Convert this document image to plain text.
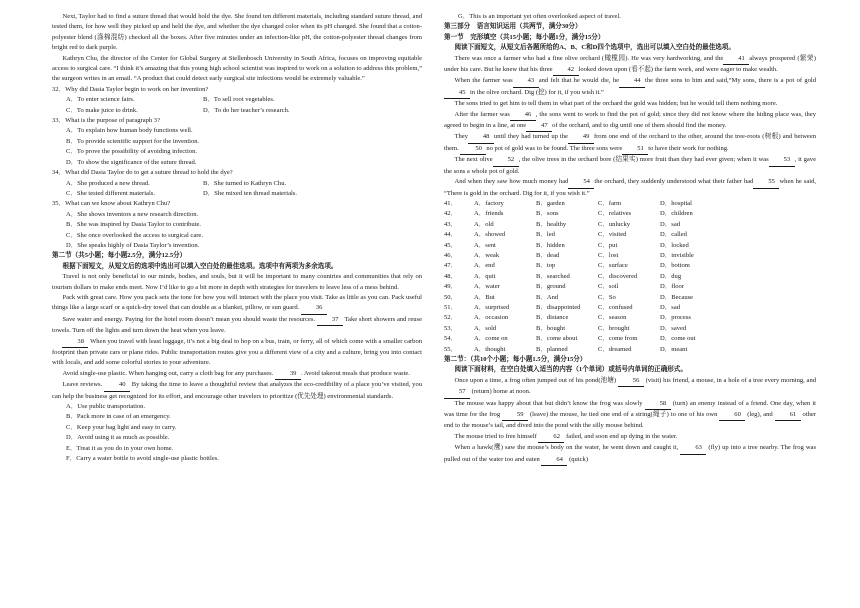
Next, Taylor had to find a suture thread that would hold the dye. She found ten different materials, including standard suture thread, and tested them, for how well they picked up and held the dye, and whether the dye changed color when its pH changed. She found that a cotton-polyester blend (涤棉混纺) checked all the boxes. After five minutes under an infection-like pH, the cotton-polyester thread changes from bright red to dark purple.

Kathryn Chu, the director of the Center for Global Surgery at Stellenbosch University in South Africa, focuses on improving equitable access to surgical care. “I think it’s amazing that this young high school scientist was inspired to work on a solution to address this problem,” the surgeon writes in an email. “A product that could detect early surgical site infections would be extremely valuable.”

32．Why did Dasia Taylor begin to work on her invention?

A．To enter science fairs.	B．To sell root vegetables.
C．To make juice to drink.	D．To do her teacher’s research.

33．What is the purpose of paragraph 3?

A．To explain how human body functions well.
B．To provide scientific support for the invention.
C．To prove the possibility of avoiding infection.
D．To show the significance of the suture thread.

34．What did Dasia Taylor do to get a suture thread to hold the dye?

A．She produced a new thread.	B．She turned to Kathryn Chu.
C．She tested different materials.	D．She mixed ten thread materials.

35．What can we know about Kathryn Chu?

A．She shows inventors a new research direction.
B．She was inspired by Dasia Taylor to contribute.
C．She once overlooked the access to surgical care.
D．She speaks highly of Dasia Taylor’s invention.

第二节（共5小题；每小题2.5分，满分12.5分）

根据下面短文，从短文后的选项中选出可以填入空白处的最佳选项。选项中有两项为多余选项。

Travel is not only beneficial to our minds, bodies, and souls, but it will be important to many countries and communities that rely on tourism dollars to make ends meet. Now I’d like to go a bit more in depth with strategies for travelers to leave less of a mess behind.

Pack with great care. How you pack sets the tone for how you will interact with the place you visit. Take as little as you can. Pack useful things like a large scarf or a quick-dry towel that can double as a blanket, pillow, or sun guard.	36

Save water and energy. Paying for the hotel room doesn’t mean you should waste the resources.	37 Take short showers and reuse towels. Turn off the lights and turn down the heat when you leave.

38 When you travel with least luggage, it’s not a big deal to hop on a bus, train, or ferry, all of which come with a smaller carbon footprint than private cars or plane rides. Public transportation routes give you a different view of a city and a culture, bring you into contact with locals, and add some colorful stories to your adventure.

Avoid single-use plastic. When hanging out, carry a cloth bag for any purchases.	39 . Avoid takeout meals that produce waste.

Leave reviews.	40 By taking the time to leave a thoughtful review that analyzes the eco-credibility of a place you’ve visited, you can help the business get recognized for its effort, and encourage other travelers to prioritize (优先处理) environmental standards.

A．Use public transportation.
B．Pack more in case of an emergency.
C．Keep your bag light and easy to carry.
D．Avoid using it as much as possible.
E．Treat it as you do in your own home.
F．Carry a water bottle to avoid single-use plastic bottles.
G．This is an important yet often overlooked aspect of travel.

第三部分　语言知识运用（共两节，满分30分）

第一节　完形填空（共15小题；每小题1分，满分15分）

阅读下面短文，从短文后各题所给的A、B、C和D四个选项中，选出可以填入空白处的最佳选项。

There was once a farmer who had a fine olive orchard (橄榄园). He was very hardworking, and the 41 always prospered (繁荣) under his care. But he knew that his three 42 looked down upon (看不起) the farm work, and were eager to make wealth.

When the farmer was 43 and felt that he would die, he 44 the three sons to him and said,“My sons, there is a pot of gold45 in the olive orchard. Dig (挖) for it, if you wish it.”

The sons tried to get him to tell them in what part of the orchard the gold was hidden; but he would tell them nothing more.

After the farmer was 46 , the sons went to work to find the pot of gold; since they did not know where the hiding place was, they agreed to begin in a line, at one 47 of the orchard, and to dig until one of them should find the money.

They 48 until they had turned up the 49 from one end of the orchard to the other, around the tree-roots (树根) and between them.	50 no pot of gold was to be found. The three sons were 51 to have their work for nothing.

The next olive 52 , the olive trees in the orchard bore (结果实) more fruit than they had ever given; when it was 53 , it gave the sons a whole pot of gold.

And when they saw how much money had 54 the orchard, they suddenly understood what their father had 55 when he said, “There is gold in the orchard. Dig for it, if you wish it.”

41．	A．factory	B．garden	C．farm	D．hospital
42．	A．friends	B．sons	C．relatives	D．children
43．	A．old	B．healthy	C．unlucky	D．sad
44．	A．showed	B．led	C．visited	D．called
45．	A．sent	B．hidden	C．put	D．locked
46．	A．weak	B．dead	C．lost	D．invisible
47．	A．end	B．top	C．surface	D．bottom
48．	A．quit	B．searched	C．discovered	D．dug
49．	A．water	B．ground	C．soil	D．floor
50．	A．But	B．And	C．So	D．Because
51．	A．surprised	B．disappointed	C．confused	D．sad
52．	A．occasion	B．distance	C．season	D．process
53．	A．sold	B．bought	C．brought	D．saved
54．	A．come on	B．come about	C．come from	D．come out
55．	A．thought	B．planned	C．dreamed	D．meant

第二节：（共10个小题；每小题1.5分，满分15分）

阅读下面材料，在空白处填入适当的内容（1个单词）或括号内单词的正确形式。

Once upon a time, a frog often jumped out of his pond(池塘)	56 (visit) his friend, a mouse, in a hole of a tree every morning, and 57 (return) home at noon.

The mouse was happy about that but didn’t know the frog was slowly	58 (turn) an enemy instead of a friend. One day, when it was time for the frog	59 (leave) the mouse, he tied one end of a string(绳子) to one of his own	60 (leg), and	61 other end to the mouse’s tail, and dived into the pond with the silly mouse behind.

The mouse tried to free himself	62 failed, and soon end up dying in the water.

When a hawk(鹰) saw the mouse’s body on the water, he went down and caught it,	63 (fly) up into a tree nearby. The frog was pulled out of the water too and eaten	64 (quick)
